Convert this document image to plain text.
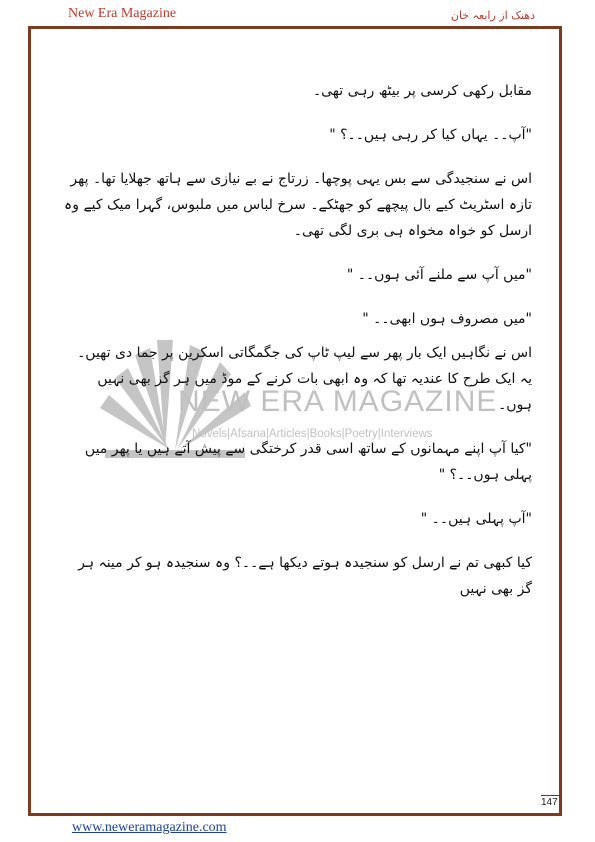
New Era Magazine	دھنک از رابعہ خان
NEW ERA MAGAZINE
Novels|Afsana|Articles|Books|Poetry|Interviews

مقابل رکھی کرسی پر بیٹھ رہی تھی۔

"آپ۔۔ یہاں کیا کر رہی ہیں۔۔؟ "

اس نے سنجیدگی سے بس یہی پوچھا۔ زرتاج نے بے نیازی سے ہاتھ جھلایا تھا۔ پھر تازہ اسٹریٹ کیے بال پیچھے کو جھٹکے۔ سرخ لباس میں ملبوس، گہرا میک کیے وہ ارسل کو خواہ مخواہ ہی بری لگی تھی۔

"میں آپ سے ملنے آئی ہوں۔۔ "

"میں مصروف ہوں ابھی۔۔ "

اس نے نگاہیں ایک بار پھر سے لیپ ٹاپ کی جگمگاتی اسکرین پر جما دی تھیں۔ یہ ایک طرح کا عندیہ تھا کہ وہ ابھی بات کرنے کے موڈ میں ہر گز بھی نہیں ہوں۔

"کیا آپ اپنے مہمانوں کے ساتھ اسی قدر کرختگی سے پیش آتے ہیں یا پھر میں پہلی ہوں۔۔؟ "

"آپ پہلی ہیں۔۔ "

کیا کبھی تم نے ارسل کو سنجیدہ ہوتے دیکھا ہے۔۔؟ وہ سنجیدہ ہو کر مینہ ہر گز بھی نہیں

147
www.neweramagazine.com
